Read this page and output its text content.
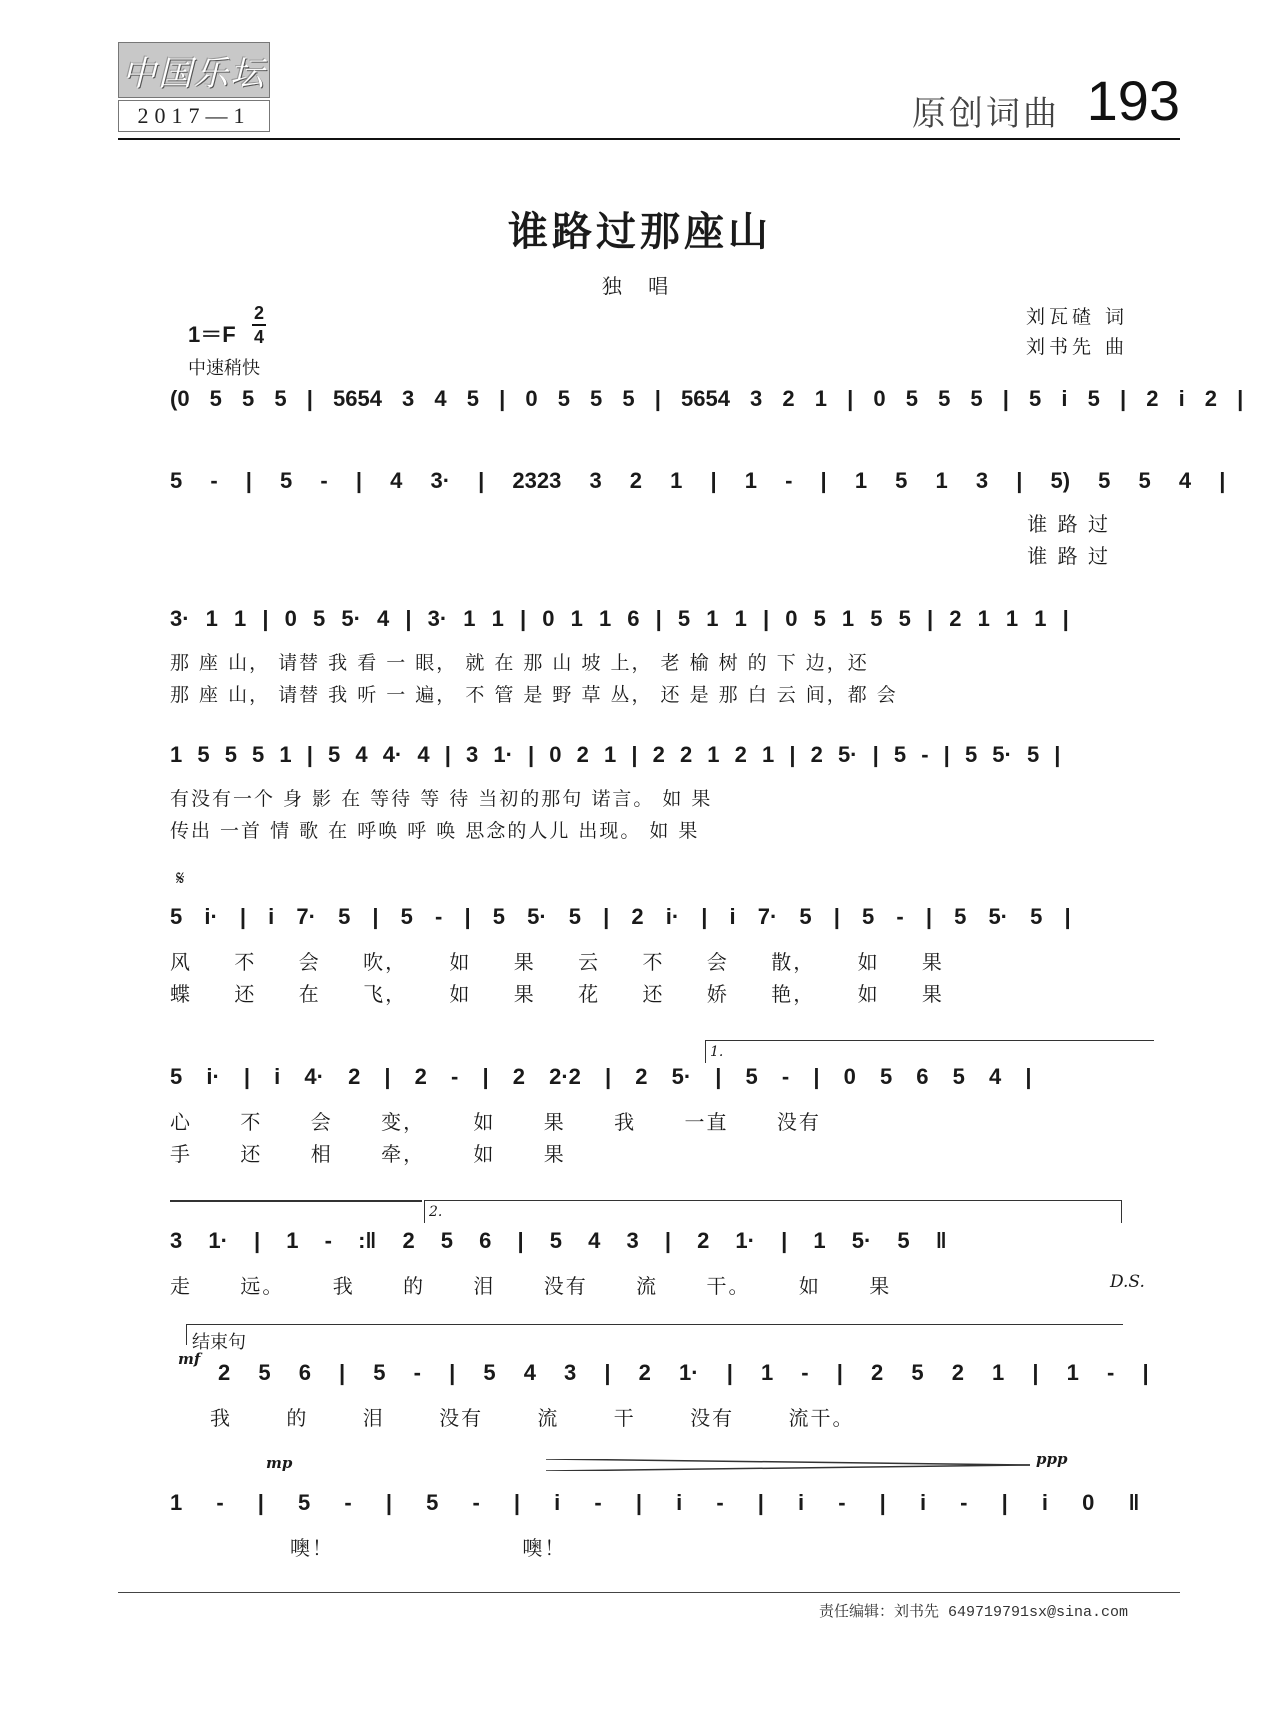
中国乐坛
2017—1	原创词曲 193
谁路过那座山
独 唱
刘瓦碴 词
刘书先 曲
1＝F
2
4
中速稍快
(0 5 5 5 | 5654 3 4 5 | 0 5 5 5 | 5654 3 2 1 | 0 5 5 5 | 5 i 5 | 2 i 2 |
5 - | 5 - | 4 3· | 2323 3 2 1 | 1 - | 1 5 1 3 | 5) 5 5 4 |
谁 路 过
谁 路 过
3· 1 1 | 0 5 5· 4 | 3· 1 1 | 0 1 1 6 | 5 1 1 | 0 5 1 5 5 | 2 1 1 1 |
那 座 山， 请替 我 看 一 眼， 就 在 那 山 坡 上， 老 榆 树 的 下 边，还
那 座 山， 请替 我 听 一 遍， 不 管 是 野 草 丛， 还 是 那 白 云 间，都 会
1 5 5 5 1 | 5 4 4· 4 | 3 1· | 0 2 1 | 2 2 1 2 1 | 2 5· | 5 - | 5 5· 5 |
有没有一个 身 影 在 等待 等 待 当初的那句 诺言。 如 果
传出 一首 情 歌 在 呼唤 呼 唤 思念的人儿 出现。 如 果
𝄋
5 i· | i 7· 5 | 5 - | 5 5· 5 | 2 i· | i 7· 5 | 5 - | 5 5· 5 |
风 不 会 吹， 如 果 云 不 会 散， 如 果
蝶 还 在 飞， 如 果 花 还 娇 艳， 如 果
1.
5 i· | i 4· 2 | 2 - | 2 2·2 | 2 5· | 5 - | 0 5 6 5 4 |
心 不 会 变， 如 果 我 一直 没有
手 还 相 牵， 如 果
2.
3 1· | 1 - :‖ 2 5 6 | 5 4 3 | 2 1· | 1 5· 5 ‖
走 远。 我 的 泪 没有 流 干。 如 果	D.S.
结束句
mf
2 5 6 | 5 - | 5 4 3 | 2 1· | 1 - | 2 5 2 1 | 1 - |
我 的 泪 没有 流 干 没有 流干。
mp	ppp
1 - | 5 - | 5 - | i - | i - | i - | i - | i 0 ‖
噢！ 噢！
责任编辑：刘书先 649719791sx@sina.com
